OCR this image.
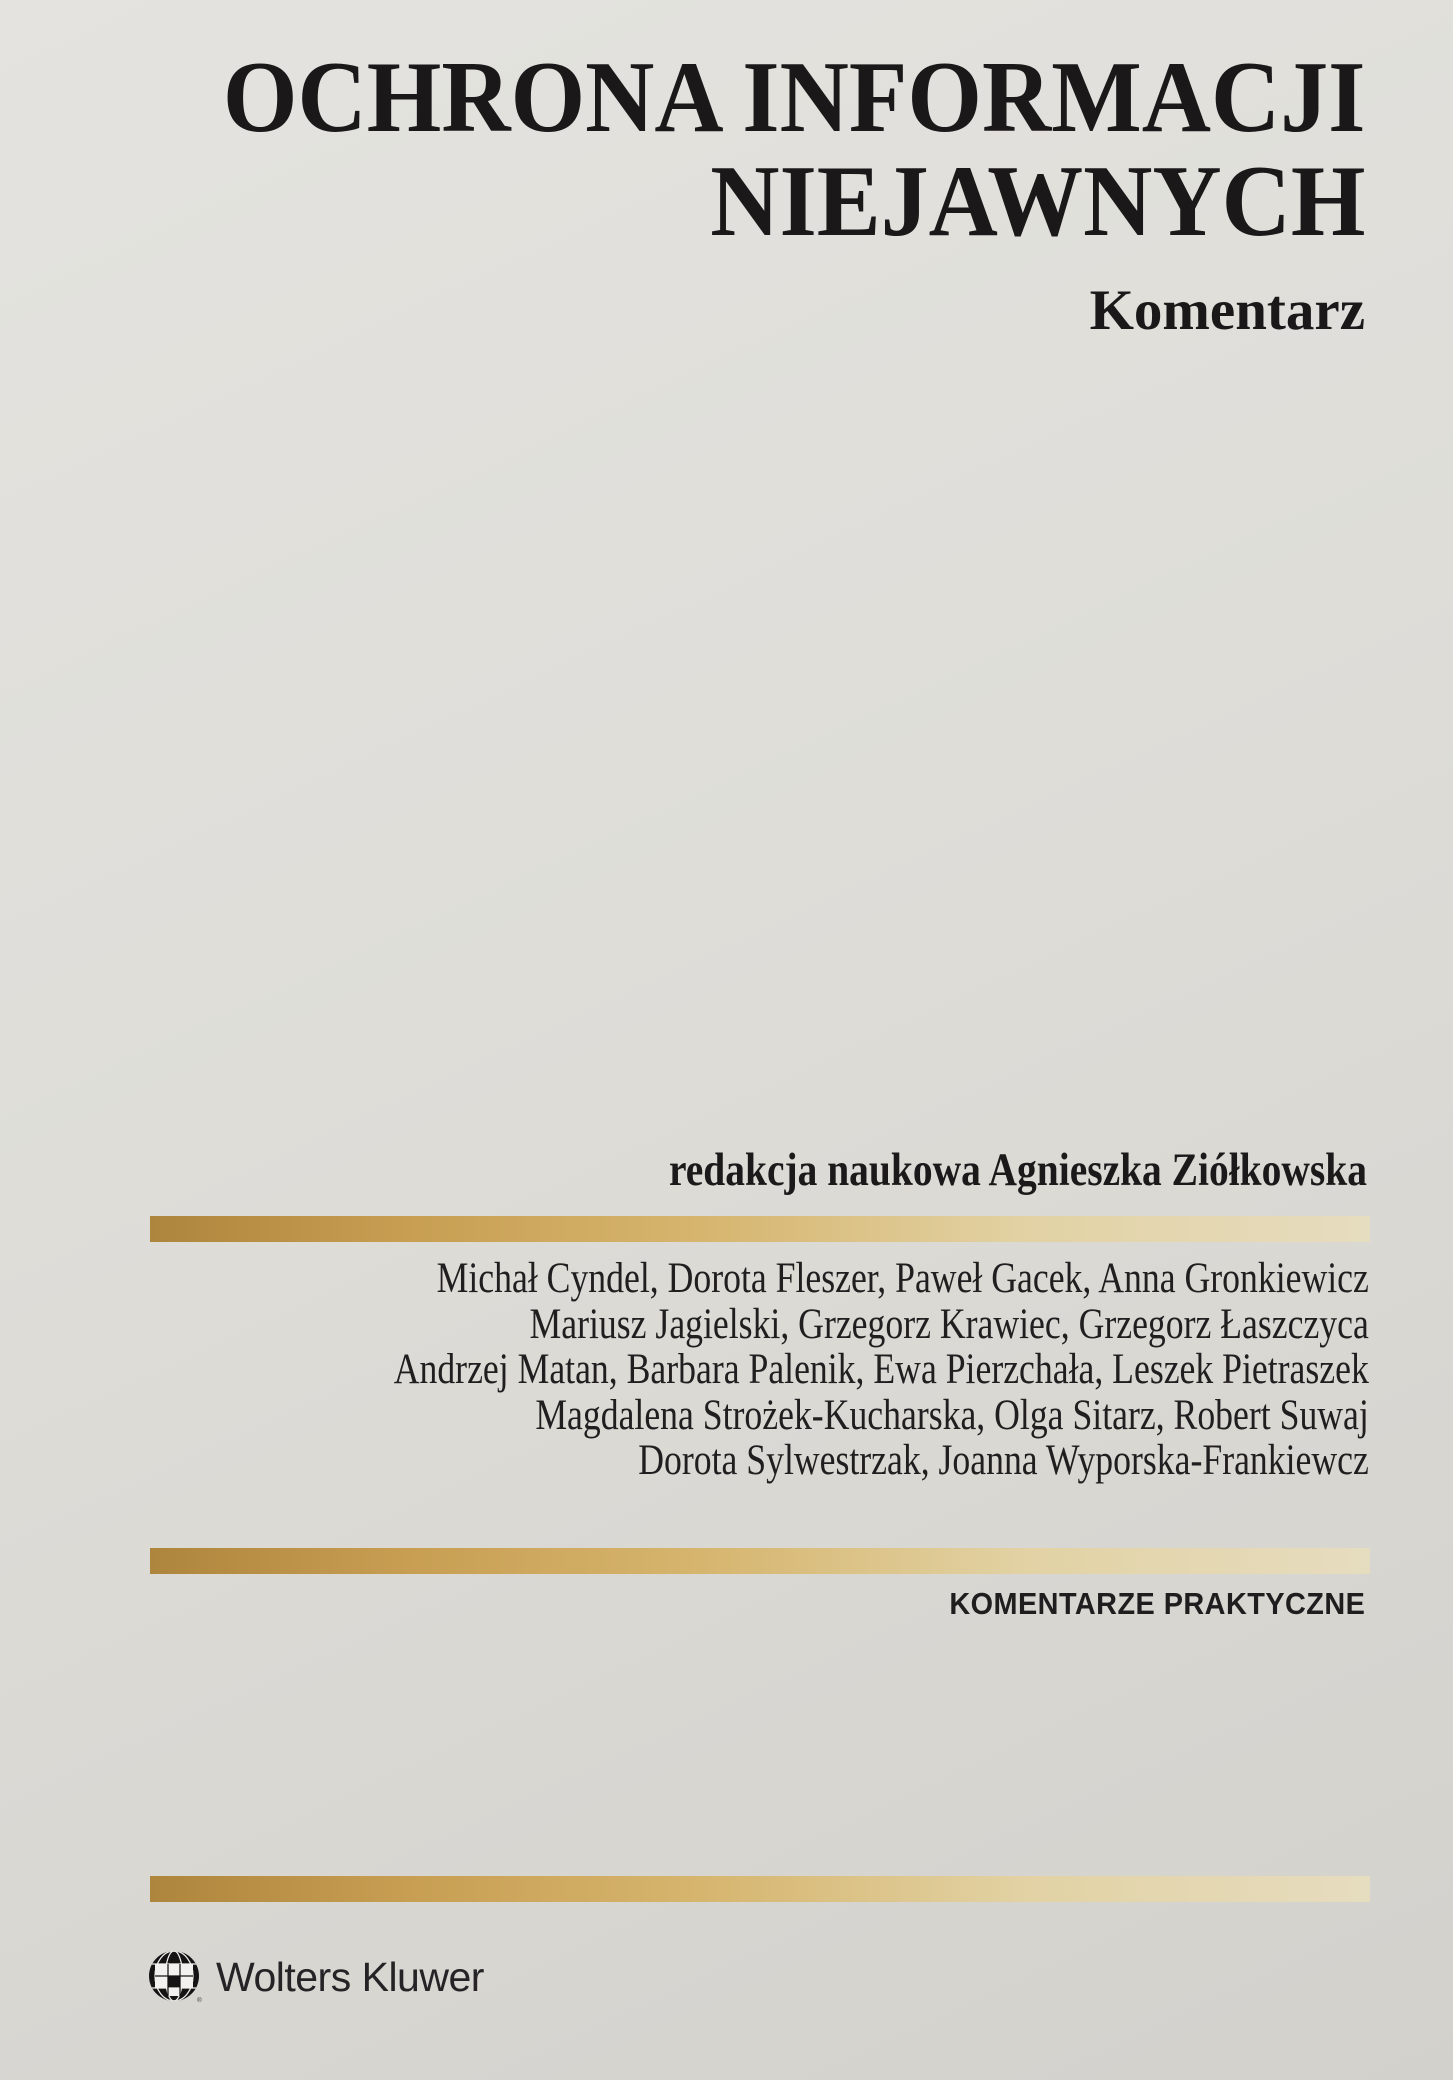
OCHRONA INFORMACJI
NIEJAWNYCH
Komentarz
redakcja naukowa Agnieszka Ziółkowska
Michał Cyndel, Dorota Fleszer, Paweł Gacek, Anna Gronkiewicz
Mariusz Jagielski, Grzegorz Krawiec, Grzegorz Łaszczyca
Andrzej Matan, Barbara Palenik, Ewa Pierzchała, Leszek Pietraszek
Magdalena Strożek-Kucharska, Olga Sitarz, Robert Suwaj
Dorota Sylwestrzak, Joanna Wyporska-Frankiewcz
KOMENTARZE PRAKTYCZNE
®
Wolters Kluwer
